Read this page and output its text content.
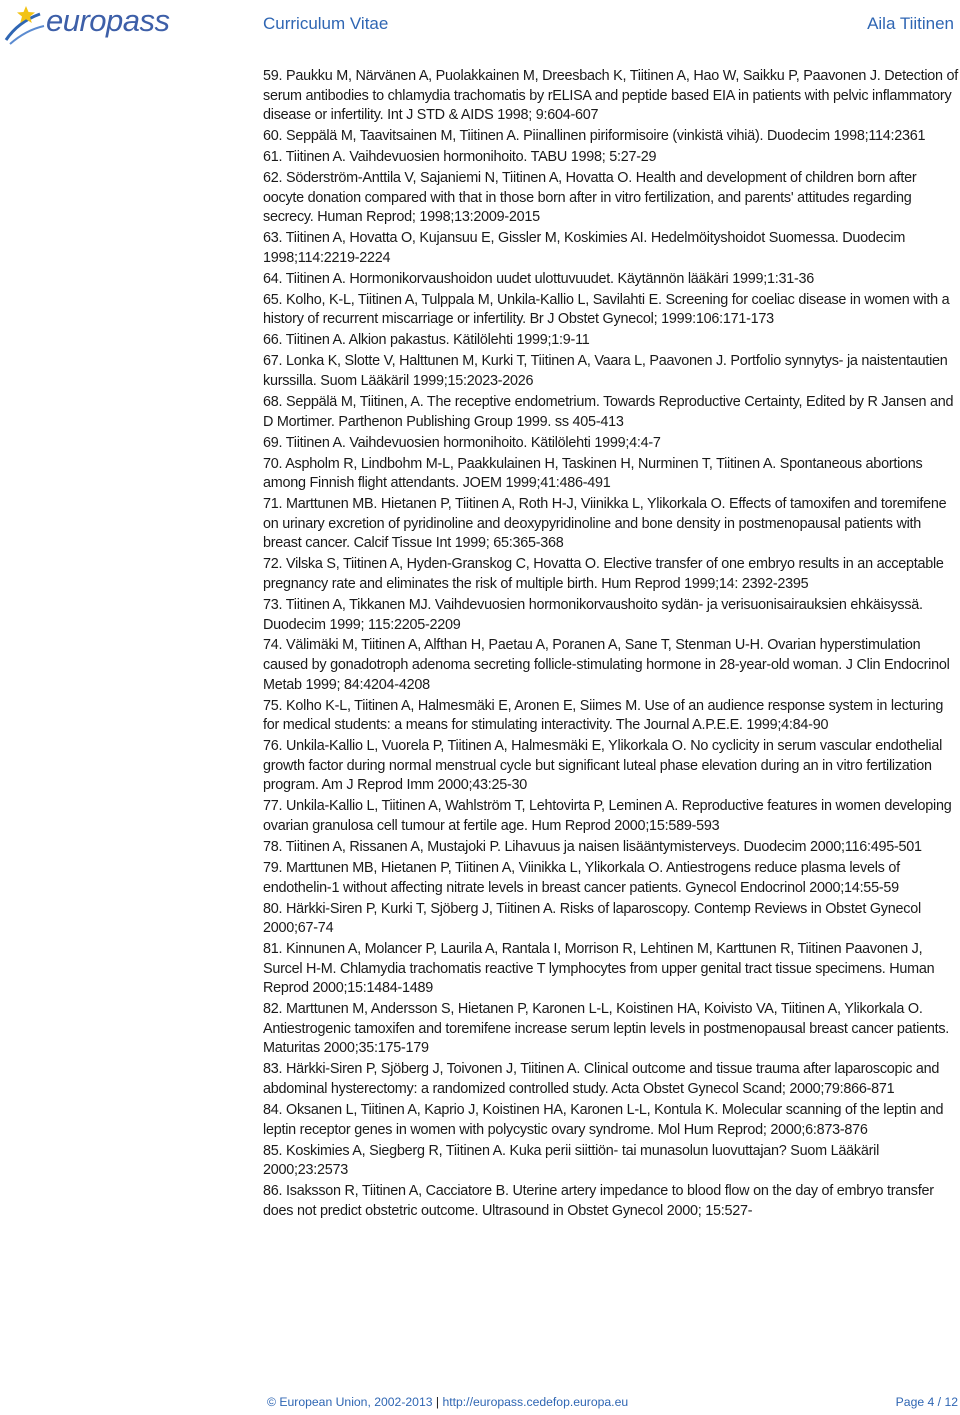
europass	Curriculum Vitae	Aila Tiitinen
59. Paukku M, Närvänen A, Puolakkainen M, Dreesbach K, Tiitinen A, Hao W, Saikku P, Paavonen J. Detection of serum antibodies to chlamydia trachomatis by rELISA and peptide based EIA in patients with pelvic inflammatory disease or infertility. Int J STD & AIDS 1998; 9:604-607
60. Seppälä M, Taavitsainen M, Tiitinen A. Piinallinen piriformisoire (vinkistä vihiä). Duodecim 1998;114:2361
61. Tiitinen A. Vaihdevuosien hormonihoito. TABU 1998; 5:27-29
62. Söderström-Anttila V, Sajaniemi N, Tiitinen A, Hovatta O. Health and development of children born after oocyte donation compared with that in those born after in vitro fertilization, and parents' attitudes regarding secrecy. Human Reprod; 1998;13:2009-2015
63. Tiitinen A, Hovatta O, Kujansuu E, Gissler M, Koskimies AI. Hedelmöityshoidot Suomessa. Duodecim 1998;114:2219-2224
64. Tiitinen A. Hormonikorvaushoidon uudet ulottuvuudet. Käytännön lääkäri 1999;1:31-36
65. Kolho, K-L, Tiitinen A, Tulppala M, Unkila-Kallio L, Savilahti E. Screening for coeliac disease in women with a history of recurrent miscarriage or infertility. Br J Obstet Gynecol; 1999:106:171-173
66. Tiitinen A. Alkion pakastus. Kätilölehti 1999;1:9-11
67. Lonka K, Slotte V, Halttunen M, Kurki T, Tiitinen A, Vaara L, Paavonen J. Portfolio synnytys- ja naistentautien kurssilla. Suom Lääkäril 1999;15:2023-2026
68. Seppälä M, Tiitinen, A. The receptive endometrium. Towards Reproductive Certainty, Edited by R Jansen and D Mortimer. Parthenon Publishing Group 1999. ss 405-413
69. Tiitinen A. Vaihdevuosien hormonihoito. Kätilölehti 1999;4:4-7
70. Aspholm R, Lindbohm M-L, Paakkulainen H, Taskinen H, Nurminen T, Tiitinen A. Spontaneous abortions among Finnish flight attendants. JOEM 1999;41:486-491
71. Marttunen MB. Hietanen P, Tiitinen A, Roth H-J, Viinikka L, Ylikorkala O. Effects of tamoxifen and toremifene on urinary excretion of pyridinoline and deoxypyridinoline and bone density in postmenopausal patients with breast cancer. Calcif Tissue Int 1999; 65:365-368
72. Vilska S, Tiitinen A, Hyden-Granskog C, Hovatta O. Elective transfer of one embryo results in an acceptable pregnancy rate and eliminates the risk of multiple birth. Hum Reprod 1999;14: 2392-2395
73. Tiitinen A, Tikkanen MJ. Vaihdevuosien hormonikorvaushoito sydän- ja verisuonisairauksien ehkäisyssä. Duodecim 1999; 115:2205-2209
74. Välimäki M, Tiitinen A, Alfthan H, Paetau A, Poranen A, Sane T, Stenman U-H. Ovarian hyperstimulation caused by gonadotroph adenoma secreting follicle-stimulating hormone in 28-year-old woman. J Clin Endocrinol Metab 1999; 84:4204-4208
75. Kolho K-L, Tiitinen A, Halmesmäki E, Aronen E, Siimes M. Use of an audience response system in lecturing for medical students: a means for stimulating interactivity. The Journal A.P.E.E. 1999;4:84-90
76. Unkila-Kallio L, Vuorela P, Tiitinen A, Halmesmäki E, Ylikorkala O. No cyclicity in serum vascular endothelial growth factor during normal menstrual cycle but significant luteal phase elevation during an in vitro fertilization program. Am J Reprod Imm 2000;43:25-30
77. Unkila-Kallio L, Tiitinen A, Wahlström T, Lehtovirta P, Leminen A. Reproductive features in women developing ovarian granulosa cell tumour at fertile age. Hum Reprod 2000;15:589-593
78. Tiitinen A, Rissanen A, Mustajoki P. Lihavuus ja naisen lisääntymisterveys. Duodecim 2000;116:495-501
79. Marttunen MB, Hietanen P, Tiitinen A, Viinikka L, Ylikorkala O. Antiestrogens reduce plasma levels of endothelin-1 without affecting nitrate levels in breast cancer patients. Gynecol Endocrinol 2000;14:55-59
80. Härkki-Siren P, Kurki T, Sjöberg J, Tiitinen A. Risks of laparoscopy. Contemp Reviews in Obstet Gynecol 2000;67-74
81. Kinnunen A, Molancer P, Laurila A, Rantala I, Morrison R, Lehtinen M, Karttunen R, Tiitinen Paavonen J, Surcel H-M. Chlamydia trachomatis reactive T lymphocytes from upper genital tract tissue specimens. Human Reprod 2000;15:1484-1489
82. Marttunen M, Andersson S, Hietanen P, Karonen L-L, Koistinen HA, Koivisto VA, Tiitinen A, Ylikorkala O. Antiestrogenic tamoxifen and toremifene increase serum leptin levels in postmenopausal breast cancer patients. Maturitas 2000;35:175-179
83. Härkki-Siren P, Sjöberg J, Toivonen J, Tiitinen A. Clinical outcome and tissue trauma after laparoscopic and abdominal hysterectomy: a randomized controlled study. Acta Obstet Gynecol Scand; 2000;79:866-871
84. Oksanen L, Tiitinen A, Kaprio J, Koistinen HA, Karonen L-L, Kontula K. Molecular scanning of the leptin and leptin receptor genes in women with polycystic ovary syndrome. Mol Hum Reprod; 2000;6:873-876
85. Koskimies A, Siegberg R, Tiitinen A. Kuka perii siittiön- tai munasolun luovuttajan? Suom Lääkäril 2000;23:2573
86. Isaksson R, Tiitinen A, Cacciatore B. Uterine artery impedance to blood flow on the day of embryo transfer does not predict obstetric outcome. Ultrasound in Obstet Gynecol 2000; 15:527-
© European Union, 2002-2013 | http://europass.cedefop.europa.eu	Page 4 / 12
